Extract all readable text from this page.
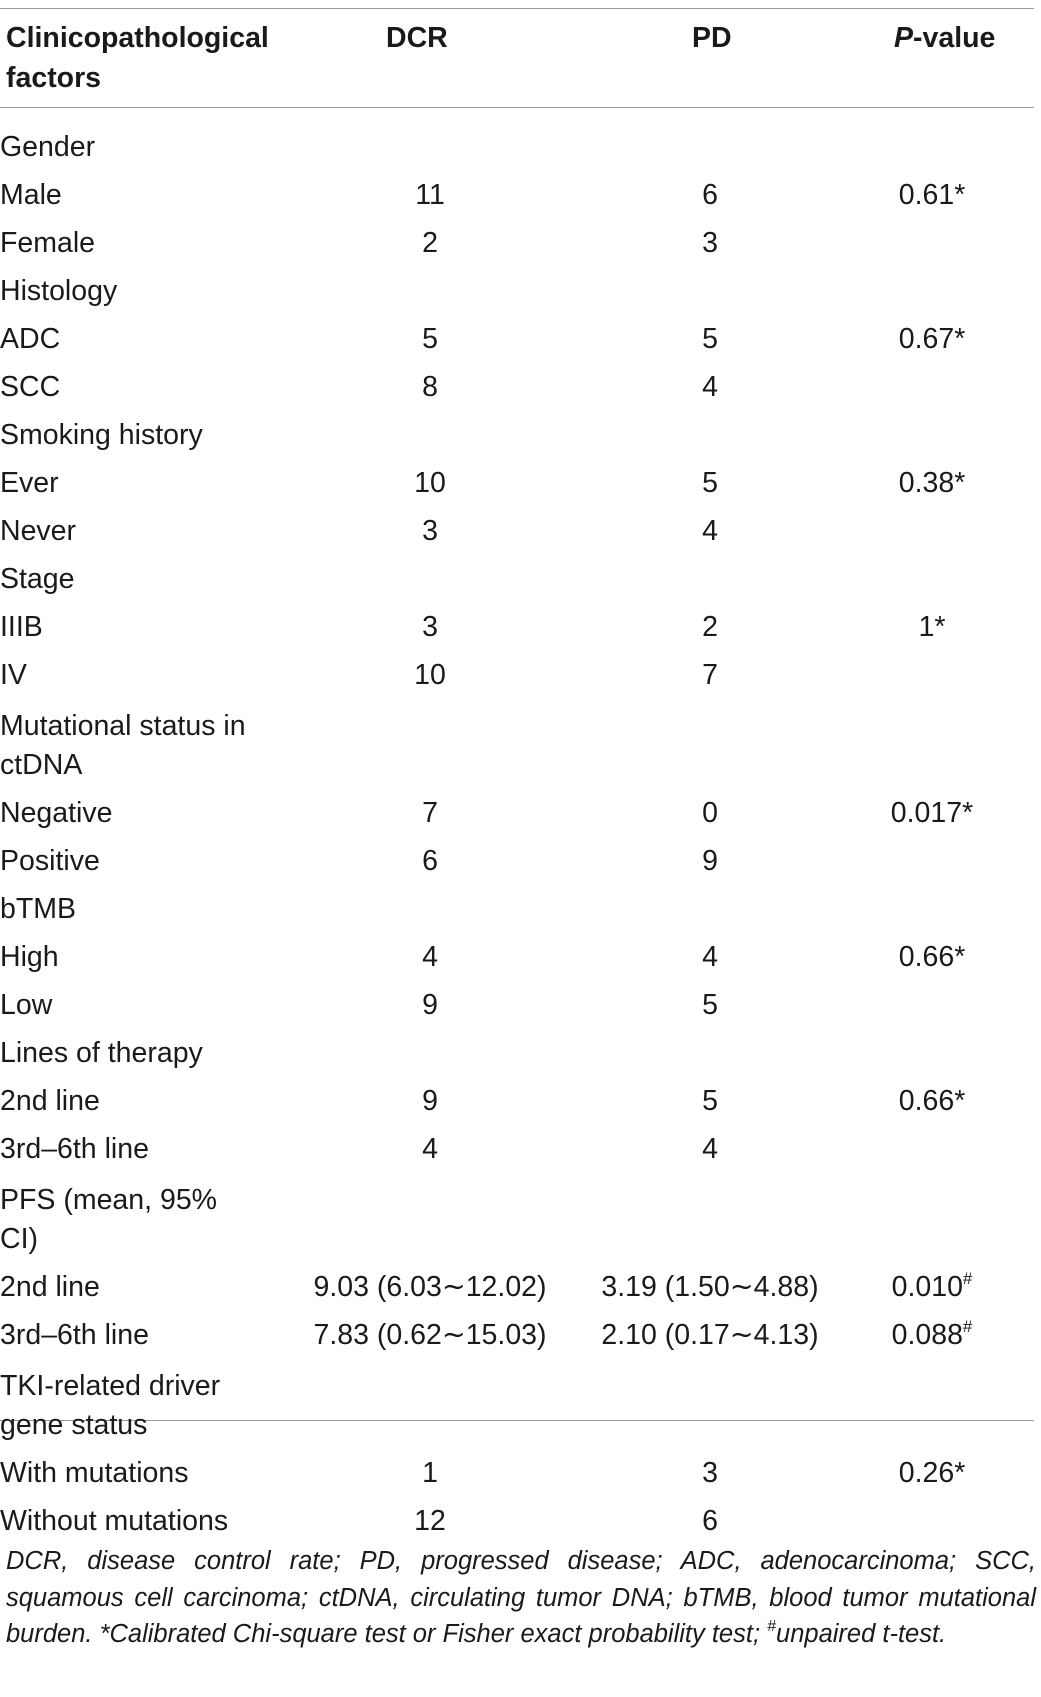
Clinicopathological
factors	DCR	PD	P-value

Gender			
Male	11	6	0.61*
Female	2	3	
Histology			
ADC	5	5	0.67*
SCC	8	4	
Smoking history			
Ever	10	5	0.38*
Never	3	4	
Stage			
IIIB	3	2	1*
IV	10	7	

Mutational status in
ctDNA			

Negative	7	0	0.017*
Positive	6	9	
bTMB			
High	4	4	0.66*
Low	9	5	
Lines of therapy			
2nd line	9	5	0.66*
3rd–6th line	4	4	

PFS (mean, 95%
CI)			

2nd line	9.03 (6.03∼12.02)	3.19 (1.50∼4.88)	0.010#
3rd–6th line	7.83 (0.62∼15.03)	2.10 (0.17∼4.13)	0.088#

TKI-related driver
gene status			

With mutations	1	3	0.26*
Without mutations	12	6	
DCR, disease control rate; PD, progressed disease; ADC, adenocarcinoma; SCC, squamous cell carcinoma; ctDNA, circulating tumor DNA; bTMB, blood tumor mutational burden. *Calibrated Chi-square test or Fisher exact probability test; #unpaired t-test.
